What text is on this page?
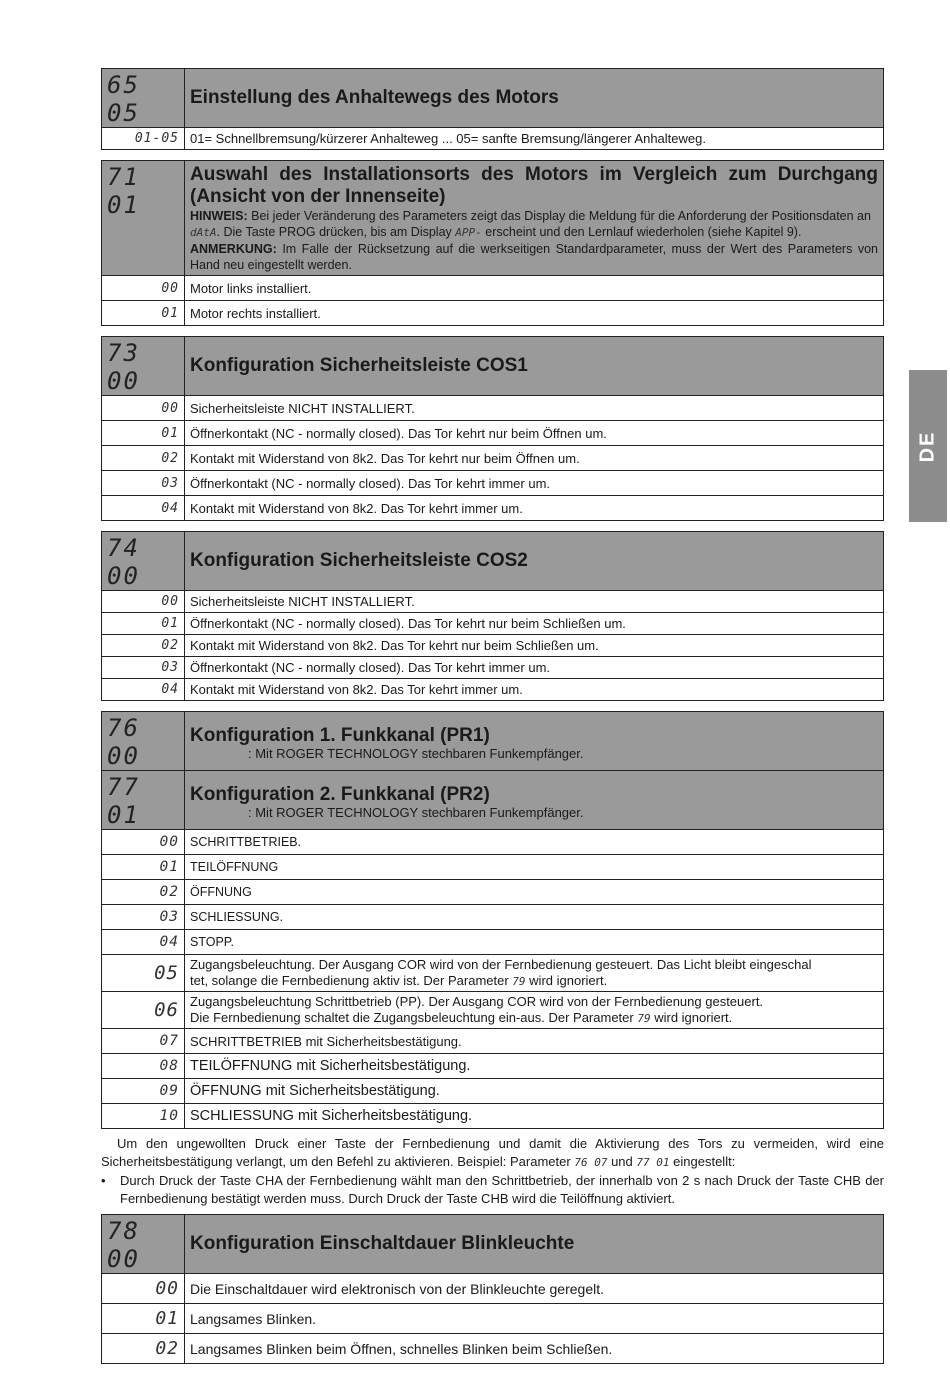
DE
65 05	Einstellung des Anhaltewegs des Motors
01-05	01= Schnellbremsung/kürzerer Anhalteweg ... 05= sanfte Bremsung/längerer Anhalteweg.
71 01	Auswahl des Installationsorts des Motors im Vergleich zum Durchgang (Ansicht von der Innenseite)
HINWEIS: Bei jeder Veränderung des Parameters zeigt das Display die Meldung für die Anforderung der Positionsdaten an dAtA. Die Taste PROG drücken, bis am Display APP- erscheint und den Lernlauf wiederholen (siehe Kapitel 9).
ANMERKUNG: Im Falle der Rücksetzung auf die werkseitigen Standardparameter, muss der Wert des Parameters von Hand neu eingestellt werden.

00	Motor links installiert.
01	Motor rechts installiert.
73 00	Konfiguration Sicherheitsleiste COS1
00	Sicherheitsleiste NICHT INSTALLIERT.
01	Öffnerkontakt (NC - normally closed). Das Tor kehrt nur beim Öffnen um.
02	Kontakt mit Widerstand von 8k2. Das Tor kehrt nur beim Öffnen um.
03	Öffnerkontakt (NC - normally closed). Das Tor kehrt immer um.
04	Kontakt mit Widerstand von 8k2. Das Tor kehrt immer um.
74 00	Konfiguration Sicherheitsleiste COS2
00	Sicherheitsleiste NICHT INSTALLIERT.
01	Öffnerkontakt (NC - normally closed). Das Tor kehrt nur beim Schließen um.
02	Kontakt mit Widerstand von 8k2. Das Tor kehrt nur beim Schließen um.
03	Öffnerkontakt (NC - normally closed). Das Tor kehrt immer um.
04	Kontakt mit Widerstand von 8k2. Das Tor kehrt immer um.
76 00	Konfiguration 1. Funkkanal (PR1)
: Mit ROGER TECHNOLOGY stechbaren Funkempfänger.

77 01	Konfiguration 2. Funkkanal (PR2)
: Mit ROGER TECHNOLOGY stechbaren Funkempfänger.

00	SCHRITTBETRIEB.
01	TEILÖFFNUNG
02	ÖFFNUNG
03	SCHLIESSUNG.
04	STOPP.
05	Zugangsbeleuchtung. Der Ausgang COR wird von der Fernbedienung gesteuert. Das Licht bleibt eingeschal
tet, solange die Fernbedienung aktiv ist. Der Parameter 79 wird ignoriert.
06	Zugangsbeleuchtung Schrittbetrieb (PP). Der Ausgang COR wird von der Fernbedienung gesteuert.
Die Fernbedienung schaltet die Zugangsbeleuchtung ein-aus. Der Parameter 79 wird ignoriert.
07	SCHRITTBETRIEB mit Sicherheitsbestätigung.
08	TEILÖFFNUNG mit Sicherheitsbestätigung.
09	ÖFFNUNG mit Sicherheitsbestätigung.
10	SCHLIESSUNG mit Sicherheitsbestätigung.
Um den ungewollten Druck einer Taste der Fernbedienung und damit die Aktivierung des Tors zu vermeiden, wird eine Sicherheitsbestätigung verlangt, um den Befehl zu aktivieren. Beispiel: Parameter 76 07 und 77 01 eingestellt:
•	Durch Druck der Taste CHA der Fernbedienung wählt man den Schrittbetrieb, der innerhalb von 2 s nach Druck der Taste CHB der Fernbedienung bestätigt werden muss. Durch Druck der Taste CHB wird die Teilöffnung aktiviert.
78 00	Konfiguration Einschaltdauer Blinkleuchte
00	Die Einschaltdauer wird elektronisch von der Blinkleuchte geregelt.
01	Langsames Blinken.
02	Langsames Blinken beim Öffnen, schnelles Blinken beim Schließen.
